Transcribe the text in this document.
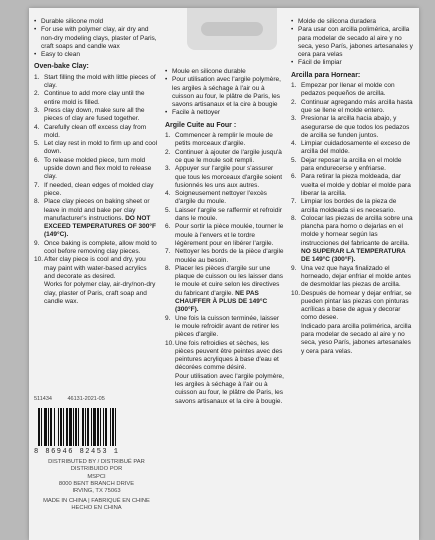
• Durable silicone mold
• For use with polymer clay, air dry and non-dry modeling clays, plaster of Paris, craft soaps and candle wax
• Easy to clean
Oven-bake Clay:
1. Start filling the mold with little pieces of clay.
2. Continue to add more clay until the entire mold is filled.
3. Press clay down, make sure all the pieces of clay are fused together.
4. Carefully clean off excess clay from mold.
5. Let clay rest in mold to firm up and cool down.
6. To release molded piece, turn mold upside down and flex mold to release clay.
7. If needed, clean edges of molded clay piece.
8. Place clay pieces on baking sheet or leave in mold and bake per clay manufacturer's instructions. DO NOT EXCEED TEMPERATURES OF 300°F (149°C).
9. Once baking is complete, allow mold to cool before removing clay pieces.
10. After clay piece is cool and dry, you may paint with water-based acrylics and decorate as desired.
Works for polymer clay, air-dry/non-dry clay, plaster of Paris, craft soap and candle wax.
• Moule en silicone durable
• Pour utilisation avec l'argile polymère, les argiles à séchage à l'air ou à cuisson au four, le plâtre de Paris, les savons artisanaux et la cire à bougie
• Facile à nettoyer
Argile Cuite au Four :
1. Commencer à remplir le moule de petits morceaux d'argile.
2. Continuer à ajouter de l'argile jusqu'à ce que le moule soit rempli.
3. Appuyer sur l'argile pour s'assurer que tous les morceaux d'argile soient fusionnés les uns aux autres.
4. Soigneusement nettoyer l'excès d'argile du moule.
5. Laisser l'argile se raffermir et refroidir dans le moule.
6. Pour sortir la pièce moulée, tourner le moule à l'envers et le tordre légèrement pour en libérer l'argile.
7. Nettoyer les bords de la pièce d'argile moulée au besoin.
8. Placer les pièces d'argile sur une plaque de cuisson ou les laisser dans le moule et cuire selon les directives du fabricant d'argile. NE PAS CHAUFFER À PLUS DE 149°C (300°F).
9. Une fois la cuisson terminée, laisser le moule refroidir avant de retirer les pièces d'argile.
10. Une fois refroidies et sèches, les pièces peuvent être peintes avec des peintures acryliques à base d'eau et décorées comme désiré.
Pour utilisation avec l'argile polymère, les argiles à séchage à l'air ou à cuisson au four, le plâtre de Paris, les savons artisanaux et la cire à bougie.
• Molde de silicona duradera
• Para usar con arcilla polimérica, arcilla para modelar de secado al aire y no seca, yeso París, jabones artesanales y cera para velas
• Fácil de limpiar
Arcilla para Hornear:
1. Empezar por llenar el molde con pedazos pequeños de arcilla.
2. Continuar agregando más arcilla hasta que se llene el molde entero.
3. Presionar la arcilla hacia abajo, y asegurarse de que todos los pedazos de arcilla se funden juntos.
4. Limpiar cuidadosamente el exceso de arcilla del molde.
5. Dejar reposar la arcilla en el molde para endurecerse y enfriarse.
6. Para retirar la pieza moldeada, dar vuelta el molde y doblar el molde para liberar la arcilla.
7. Limpiar los bordes de la pieza de arcilla moldeada si es necesario.
8. Colocar las piezas de arcilla sobre una plancha para horno o dejarlas en el molde y hornear según las instrucciones del fabricante de arcilla. NO SUPERAR LA TEMPERATURA DE 149°C (300°F).
9. Una vez que haya finalizado el horneado, dejar enfriar el molde antes de desmoldar las piezas de arcilla.
10. Después de hornear y dejar enfriar, se pueden pintar las piezas con pinturas acrílicas a base de agua y decorar como desee.
Indicado para arcilla polimérica, arcilla para modelar de secado al aire y no seca, yeso París, jabones artesanales y cera para velas.
511434	46131-2021-05
8 86946 82453 1
DISTRIBUTED BY / DISTRIBUÉ PAR
DISTRIBUIDO POR
MSPCI
8000 BENT BRANCH DRIVE
IRVING, TX 75063
MADE IN CHINA | FABRIQUÉ EN CHINE
HECHO EN CHINA
